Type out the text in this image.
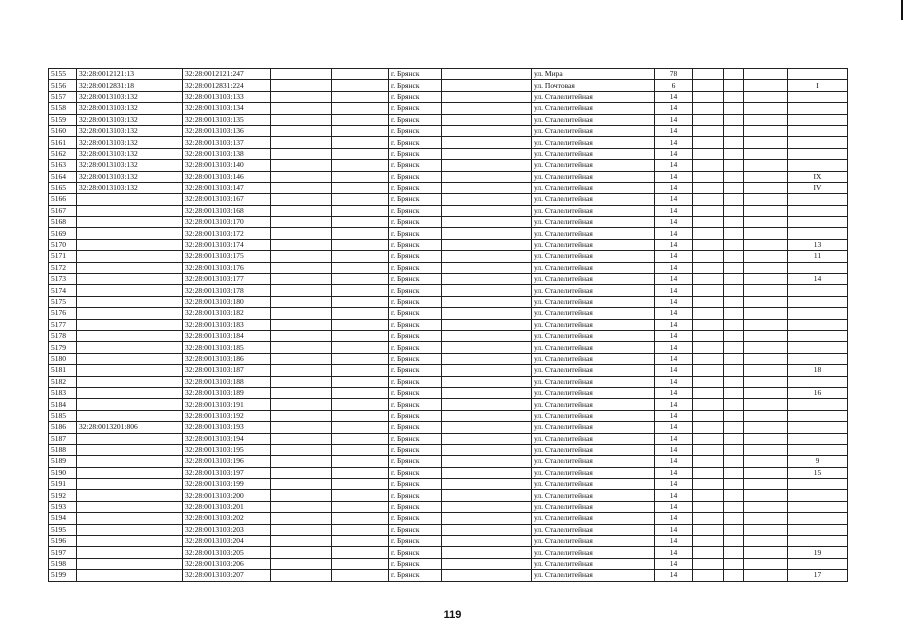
5155	32:28:0012121:13	32:28:0012121:247			г. Брянск		ул. Мира	78				
5156	32:28:0012831:18	32:28:0012831:224			г. Брянск		ул. Почтовая	6				I
5157	32:28:0013103:132	32:28:0013103:133			г. Брянск		ул. Сталелитейная	14				
5158	32:28:0013103:132	32:28:0013103:134			г. Брянск		ул. Сталелитейная	14				
5159	32:28:0013103:132	32:28:0013103:135			г. Брянск		ул. Сталелитейная	14				
5160	32:28:0013103:132	32:28:0013103:136			г. Брянск		ул. Сталелитейная	14				
5161	32:28:0013103:132	32:28:0013103:137			г. Брянск		ул. Сталелитейная	14				
5162	32:28:0013103:132	32:28:0013103:138			г. Брянск		ул. Сталелитейная	14				
5163	32:28:0013103:132	32:28:0013103:140			г. Брянск		ул. Сталелитейная	14				
5164	32:28:0013103:132	32:28:0013103:146			г. Брянск		ул. Сталелитейная	14				IX
5165	32:28:0013103:132	32:28:0013103:147			г. Брянск		ул. Сталелитейная	14				IV
5166		32:28:0013103:167			г. Брянск		ул. Сталелитейная	14				
5167		32:28:0013103:168			г. Брянск		ул. Сталелитейная	14				
5168		32:28:0013103:170			г. Брянск		ул. Сталелитейная	14				
5169		32:28:0013103:172			г. Брянск		ул. Сталелитейная	14				
5170		32:28:0013103:174			г. Брянск		ул. Сталелитейная	14				13
5171		32:28:0013103:175			г. Брянск		ул. Сталелитейная	14				11
5172		32:28:0013103:176			г. Брянск		ул. Сталелитейная	14				
5173		32:28:0013103:177			г. Брянск		ул. Сталелитейная	14				14
5174		32:28:0013103:178			г. Брянск		ул. Сталелитейная	14				
5175		32:28:0013103:180			г. Брянск		ул. Сталелитейная	14				
5176		32:28:0013103:182			г. Брянск		ул. Сталелитейная	14				
5177		32:28:0013103:183			г. Брянск		ул. Сталелитейная	14				
5178		32:28:0013103:184			г. Брянск		ул. Сталелитейная	14				
5179		32:28:0013103:185			г. Брянск		ул. Сталелитейная	14				
5180		32:28:0013103:186			г. Брянск		ул. Сталелитейная	14				
5181		32:28:0013103:187			г. Брянск		ул. Сталелитейная	14				18
5182		32:28:0013103:188			г. Брянск		ул. Сталелитейная	14				
5183		32:28:0013103:189			г. Брянск		ул. Сталелитейная	14				16
5184		32:28:0013103:191			г. Брянск		ул. Сталелитейная	14				
5185		32:28:0013103:192			г. Брянск		ул. Сталелитейная	14				
5186	32:28:0013201:806	32:28:0013103:193			г. Брянск		ул. Сталелитейная	14				
5187		32:28:0013103:194			г. Брянск		ул. Сталелитейная	14				
5188		32:28:0013103:195			г. Брянск		ул. Сталелитейная	14				
5189		32:28:0013103:196			г. Брянск		ул. Сталелитейная	14				9
5190		32:28:0013103:197			г. Брянск		ул. Сталелитейная	14				15
5191		32:28:0013103:199			г. Брянск		ул. Сталелитейная	14				
5192		32:28:0013103:200			г. Брянск		ул. Сталелитейная	14				
5193		32:28:0013103:201			г. Брянск		ул. Сталелитейная	14				
5194		32:28:0013103:202			г. Брянск		ул. Сталелитейная	14				
5195		32:28:0013103:203			г. Брянск		ул. Сталелитейная	14				
5196		32:28:0013103:204			г. Брянск		ул. Сталелитейная	14				
5197		32:28:0013103:205			г. Брянск		ул. Сталелитейная	14				19
5198		32:28:0013103:206			г. Брянск		ул. Сталелитейная	14				
5199		32:28:0013103:207			г. Брянск		ул. Сталелитейная	14				17
119
